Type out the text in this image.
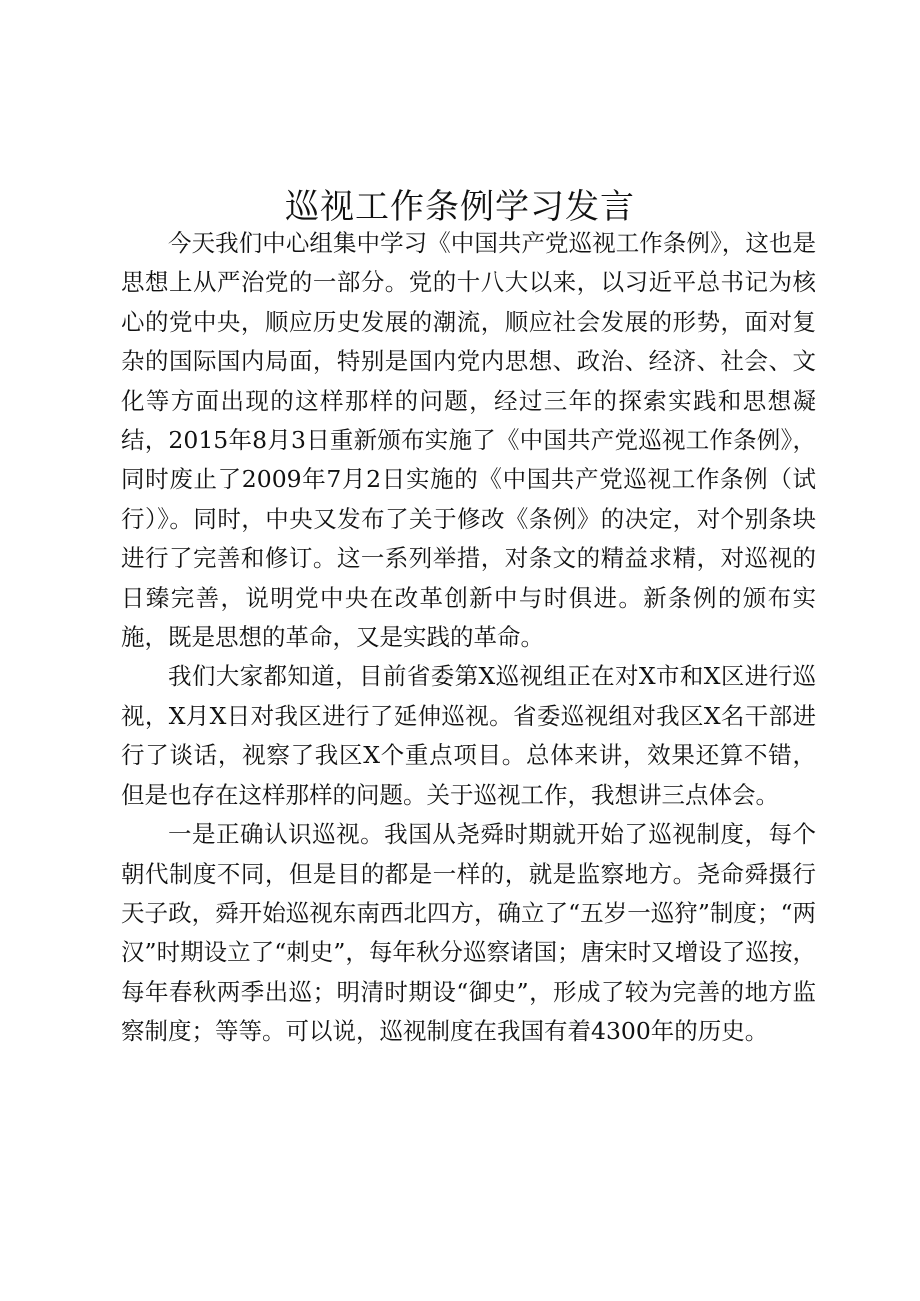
巡视工作条例学习发言

今天我们中心组集中学习《中国共产党巡视工作条例》，这也是思想上从严治党的一部分。党的十八大以来，以习近平总书记为核心的党中央，顺应历史发展的潮流，顺应社会发展的形势，面对复杂的国际国内局面，特别是国内党内思想、政治、经济、社会、文化等方面出现的这样那样的问题，经过三年的探索实践和思想凝结，2015年8月3日重新颁布实施了《中国共产党巡视工作条例》，同时废止了2009年7月2日实施的《中国共产党巡视工作条例（试行）》。同时，中央又发布了关于修改《条例》的决定，对个别条块进行了完善和修订。这一系列举措，对条文的精益求精，对巡视的日臻完善，说明党中央在改革创新中与时俱进。新条例的颁布实施，既是思想的革命，又是实践的革命。

我们大家都知道，目前省委第X巡视组正在对X市和X区进行巡视，X月X日对我区进行了延伸巡视。省委巡视组对我区X名干部进行了谈话，视察了我区X个重点项目。总体来讲，效果还算不错，但是也存在这样那样的问题。关于巡视工作，我想讲三点体会。

一是正确认识巡视。我国从尧舜时期就开始了巡视制度，每个朝代制度不同，但是目的都是一样的，就是监察地方。尧命舜摄行天子政，舜开始巡视东南西北四方，确立了“五岁一巡狩”制度；“两汉”时期设立了“刺史”，每年秋分巡察诸国；唐宋时又增设了巡按，每年春秋两季出巡；明清时期设“御史”，形成了较为完善的地方监察制度；等等。可以说，巡视制度在我国有着4300年的历史。
